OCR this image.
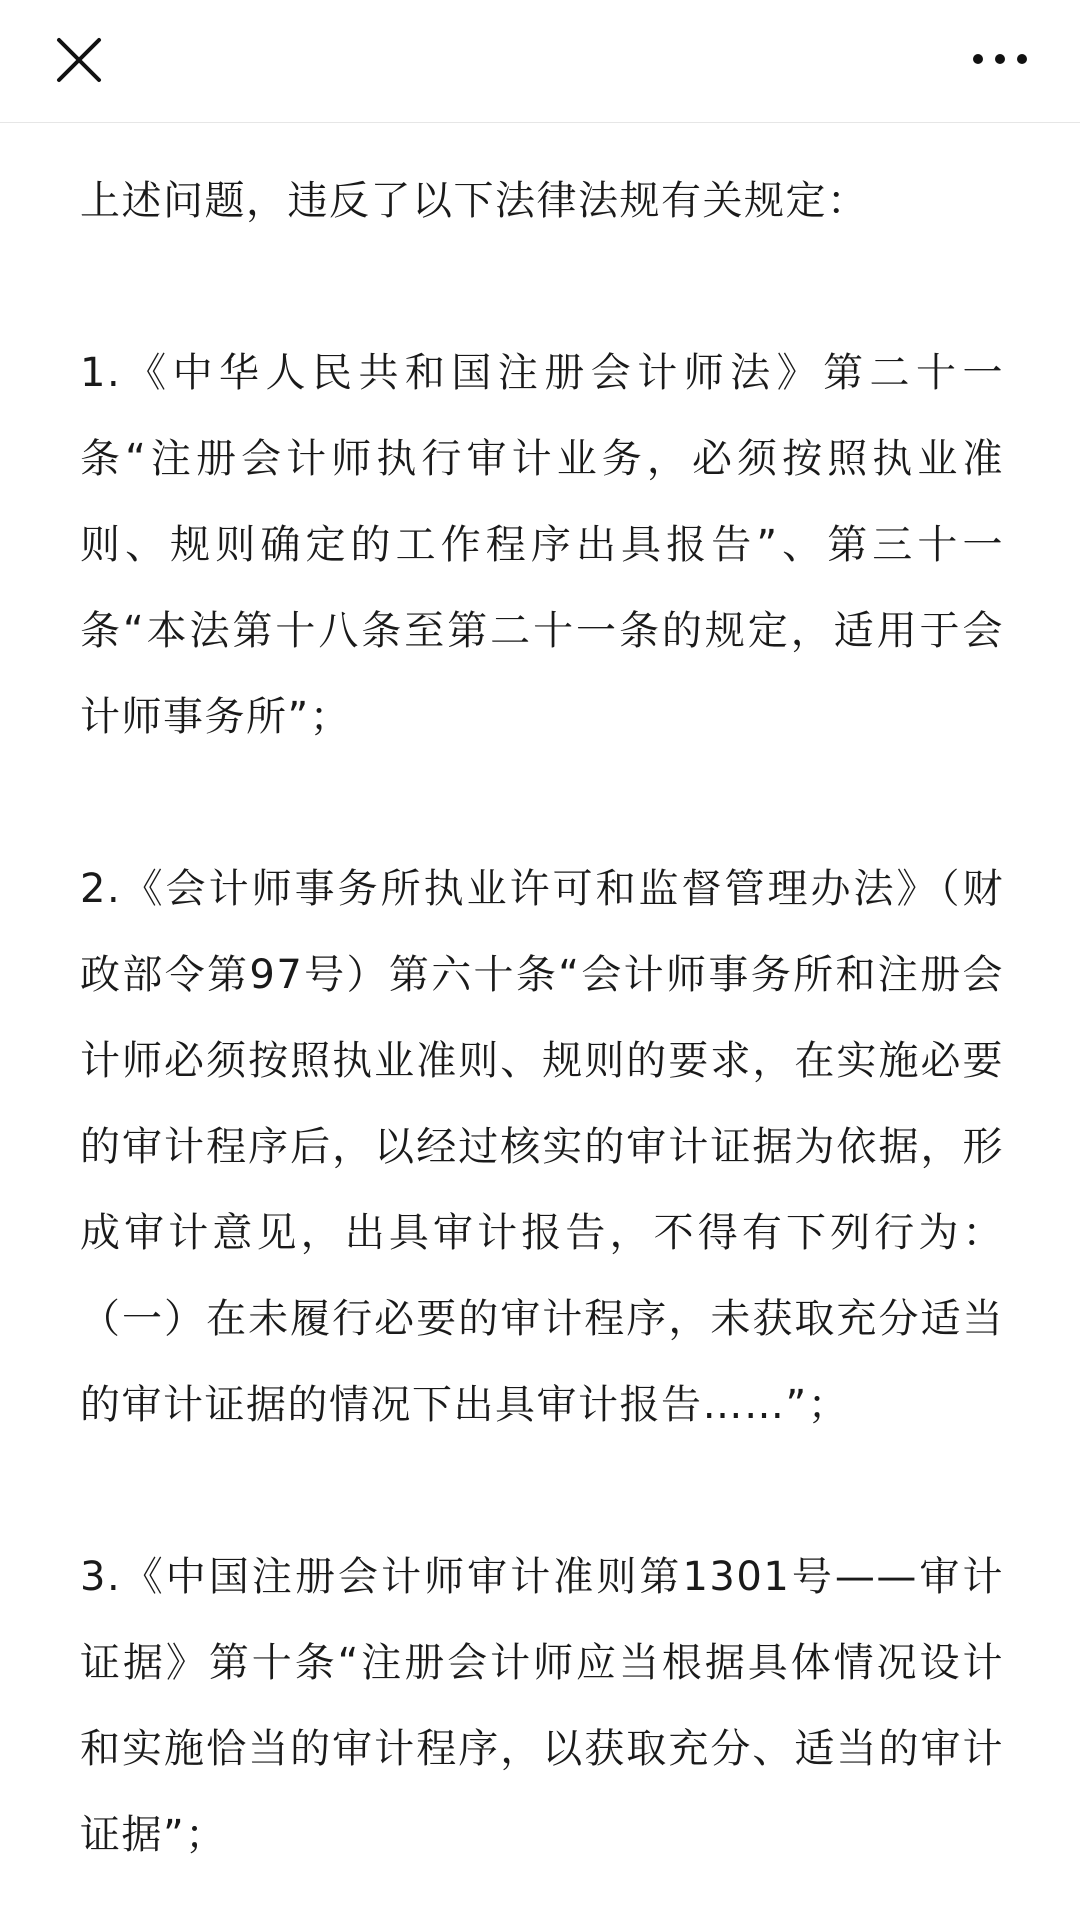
上述问题，违反了以下法律法规有关规定：

1.《中华人民共和国注册会计师法》第二十一条“注册会计师执行审计业务，必须按照执业准则、规则确定的工作程序出具报告”、第三十一条“本法第十八条至第二十一条的规定，适用于会计师事务所”；

2.《会计师事务所执业许可和监督管理办法》（财政部令第97号）第六十条“会计师事务所和注册会计师必须按照执业准则、规则的要求，在实施必要的审计程序后，以经过核实的审计证据为依据，形成审计意见，出具审计报告，不得有下列行为：（一）在未履行必要的审计程序，未获取充分适当的审计证据的情况下出具审计报告……”；

3.《中国注册会计师审计准则第1301号——审计证据》第十条“注册会计师应当根据具体情况设计和实施恰当的审计程序，以获取充分、适当的审计证据”；
